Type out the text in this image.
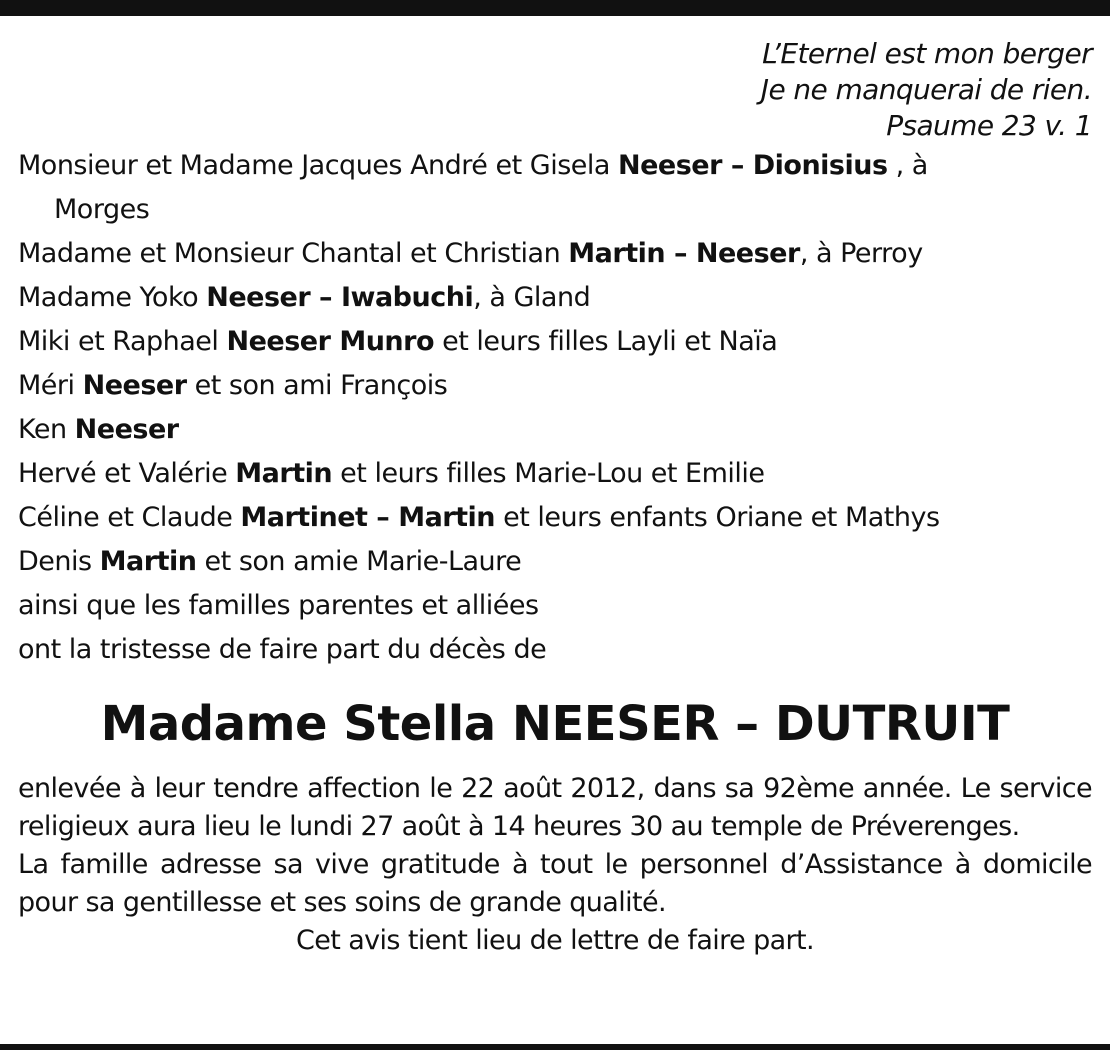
L’Eternel est mon berger
Je ne manquerai de rien.
Psaume 23 v. 1
Monsieur et Madame Jacques André et Gisela Neeser – Dionisius , à
Morges
Madame et Monsieur Chantal et Christian Martin – Neeser, à Perroy
Madame Yoko Neeser – Iwabuchi, à Gland
Miki et Raphael Neeser Munro et leurs filles Layli et Naïa
Méri Neeser et son ami François
Ken Neeser
Hervé et Valérie Martin et leurs filles Marie-Lou et Emilie
Céline et Claude Martinet – Martin et leurs enfants Oriane et Mathys
Denis Martin et son amie Marie-Laure
ainsi que les familles parentes et alliées
ont la tristesse de faire part du décès de
Madame Stella NEESER – DUTRUIT
enlevée à leur tendre affection le 22 août 2012, dans sa 92ème année. Le service religieux aura lieu le lundi 27 août à 14 heures 30 au temple de Préverenges.
La famille adresse sa vive gratitude à tout le personnel d’Assistance à domicile pour sa gentillesse et ses soins de grande qualité.
Cet avis tient lieu de lettre de faire part.
